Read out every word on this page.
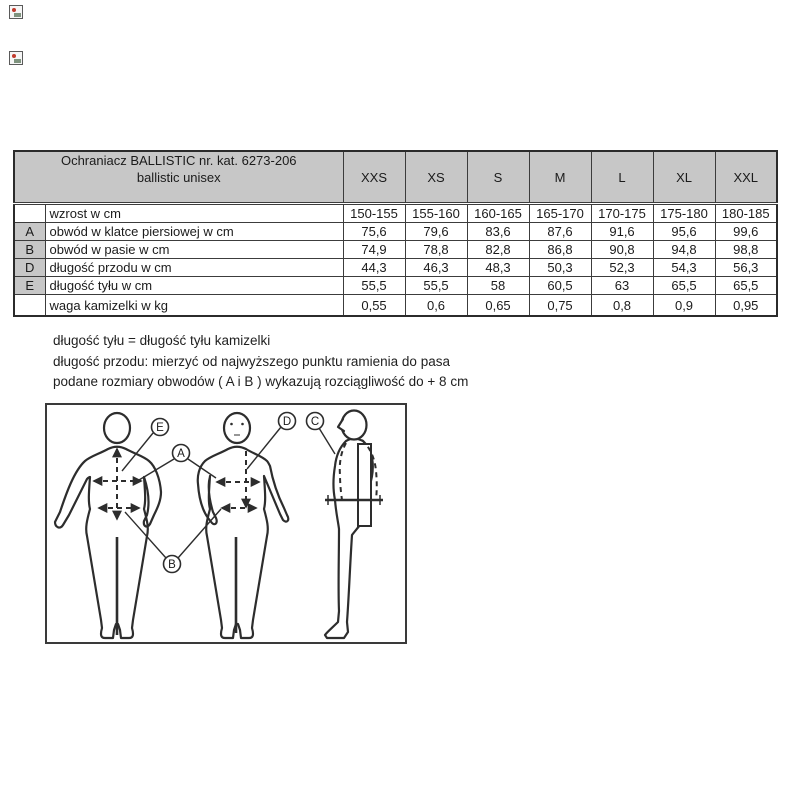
Ochraniacz BALLISTIC nr. kat. 6273-206
ballistic unisex		XXS	XS	S	M	L	XL	XXL
	wzrost w cm	150-155	155-160	160-165	165-170	170-175	175-180	180-185
A	obwód w klatce piersiowej w cm	75,6	79,6	83,6	87,6	91,6	95,6	99,6
B	obwód w pasie w cm	74,9	78,8	82,8	86,8	90,8	94,8	98,8
D	długość przodu w cm	44,3	46,3	48,3	50,3	52,3	54,3	56,3
E	długość tyłu w cm	55,5	55,5	58	60,5	63	65,5	65,5
	waga kamizelki w kg	0,55	0,6	0,65	0,75	0,8	0,9	0,95
długość tyłu = długość tyłu kamizelki
długość przodu: mierzyć od najwyższego punktu ramienia do pasa
podane rozmiary obwodów ( A i B ) wykazują rozciągliwość do + 8 cm
E
A
B
D C
